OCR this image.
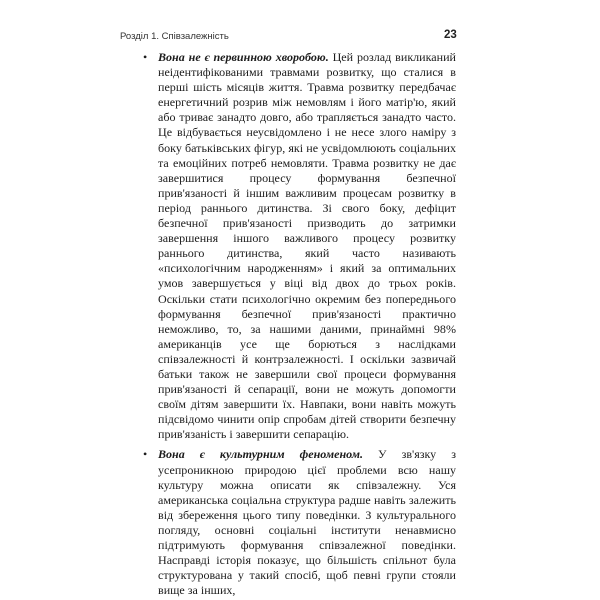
Розділ 1. Співзалежність	23

• Вона не є первинною хворобою. Цей розлад викликаний неідентифікованими травмами розвитку, що сталися в перші шість місяців життя. Травма розвитку передбачає енергетичний розрив між немовлям і його матір'ю, який або триває занадто довго, або трапляється занадто часто. Це відбувається неусвідомлено і не несе злого наміру з боку батьківських фігур, які не усвідомлюють соціальних та емоційних потреб немовляти. Травма розвитку не дає завершитися процесу формування безпечної прив'язаності й іншим важливим процесам розвитку в період раннього дитинства. Зі свого боку, дефіцит безпечної прив'язаності призводить до затримки завершення іншого важливого процесу розвитку раннього дитинства, який часто називають «психологічним народженням» і який за оптимальних умов завершується у віці від двох до трьох років. Оскільки стати психологічно окремим без попереднього формування безпечної прив'язаності практично неможливо, то, за нашими даними, принаймні 98% американців усе ще борються з наслідками співзалежності й контрзалежності. І оскільки зазвичай батьки також не завершили свої процеси формування прив'язаності й сепарації, вони не можуть допомогти своїм дітям завершити їх. Навпаки, вони навіть можуть підсвідомо чинити опір спробам дітей створити безпечну прив'язаність і завершити сепарацію.

• Вона є культурним феноменом. У зв'язку з усепроникною природою цієї проблеми всю нашу культуру можна описати як співзалежну. Уся американська соціальна структура радше навіть залежить від збереження цього типу поведінки. З культурального погляду, основні соціальні інститути ненавмисно підтримують формування співзалежної поведінки. Насправді історія показує, що більшість спільнот була структурована у такий спосіб, щоб певні групи стояли вище за інших,
